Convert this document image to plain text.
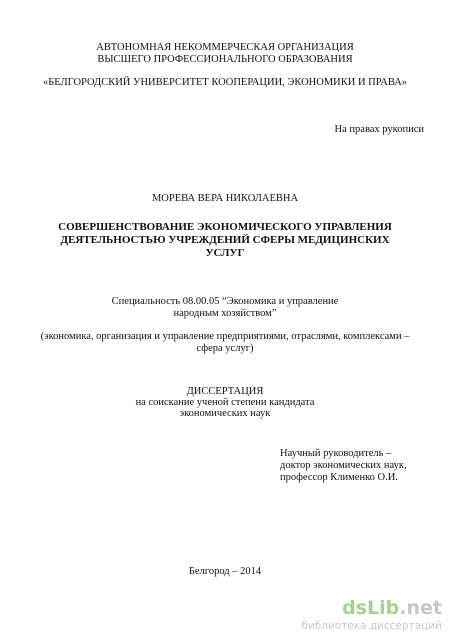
АВТОНОМНАЯ НЕКОММЕРЧЕСКАЯ ОРГАНИЗАЦИЯ
ВЫСШЕГО ПРОФЕССИОНАЛЬНОГО ОБРАЗОВАНИЯ
«БЕЛГОРОДСКИЙ УНИВЕРСИТЕТ КООПЕРАЦИИ, ЭКОНОМИКИ И ПРАВА»
На правах рукописи
МОРЕВА ВЕРА НИКОЛАЕВНА
СОВЕРШЕНСТВОВАНИЕ ЭКОНОМИЧЕСКОГО УПРАВЛЕНИЯ
ДЕЯТЕЛЬНОСТЬЮ УЧРЕЖДЕНИЙ СФЕРЫ МЕДИЦИНСКИХ
УСЛУГ
Специальность 08.00.05 “Экономика и управление
народным хозяйством”
(экономика, организация и управление предприятиями, отраслями, комплексами –
сфера услуг)
ДИССЕРТАЦИЯ
на соискание ученой степени кандидата
экономических наук
Научный руководитель –
доктор экономических наук,
профессор Клименко О.И.
Белгород – 2014
dsLib.net
библиотека диссертаций
